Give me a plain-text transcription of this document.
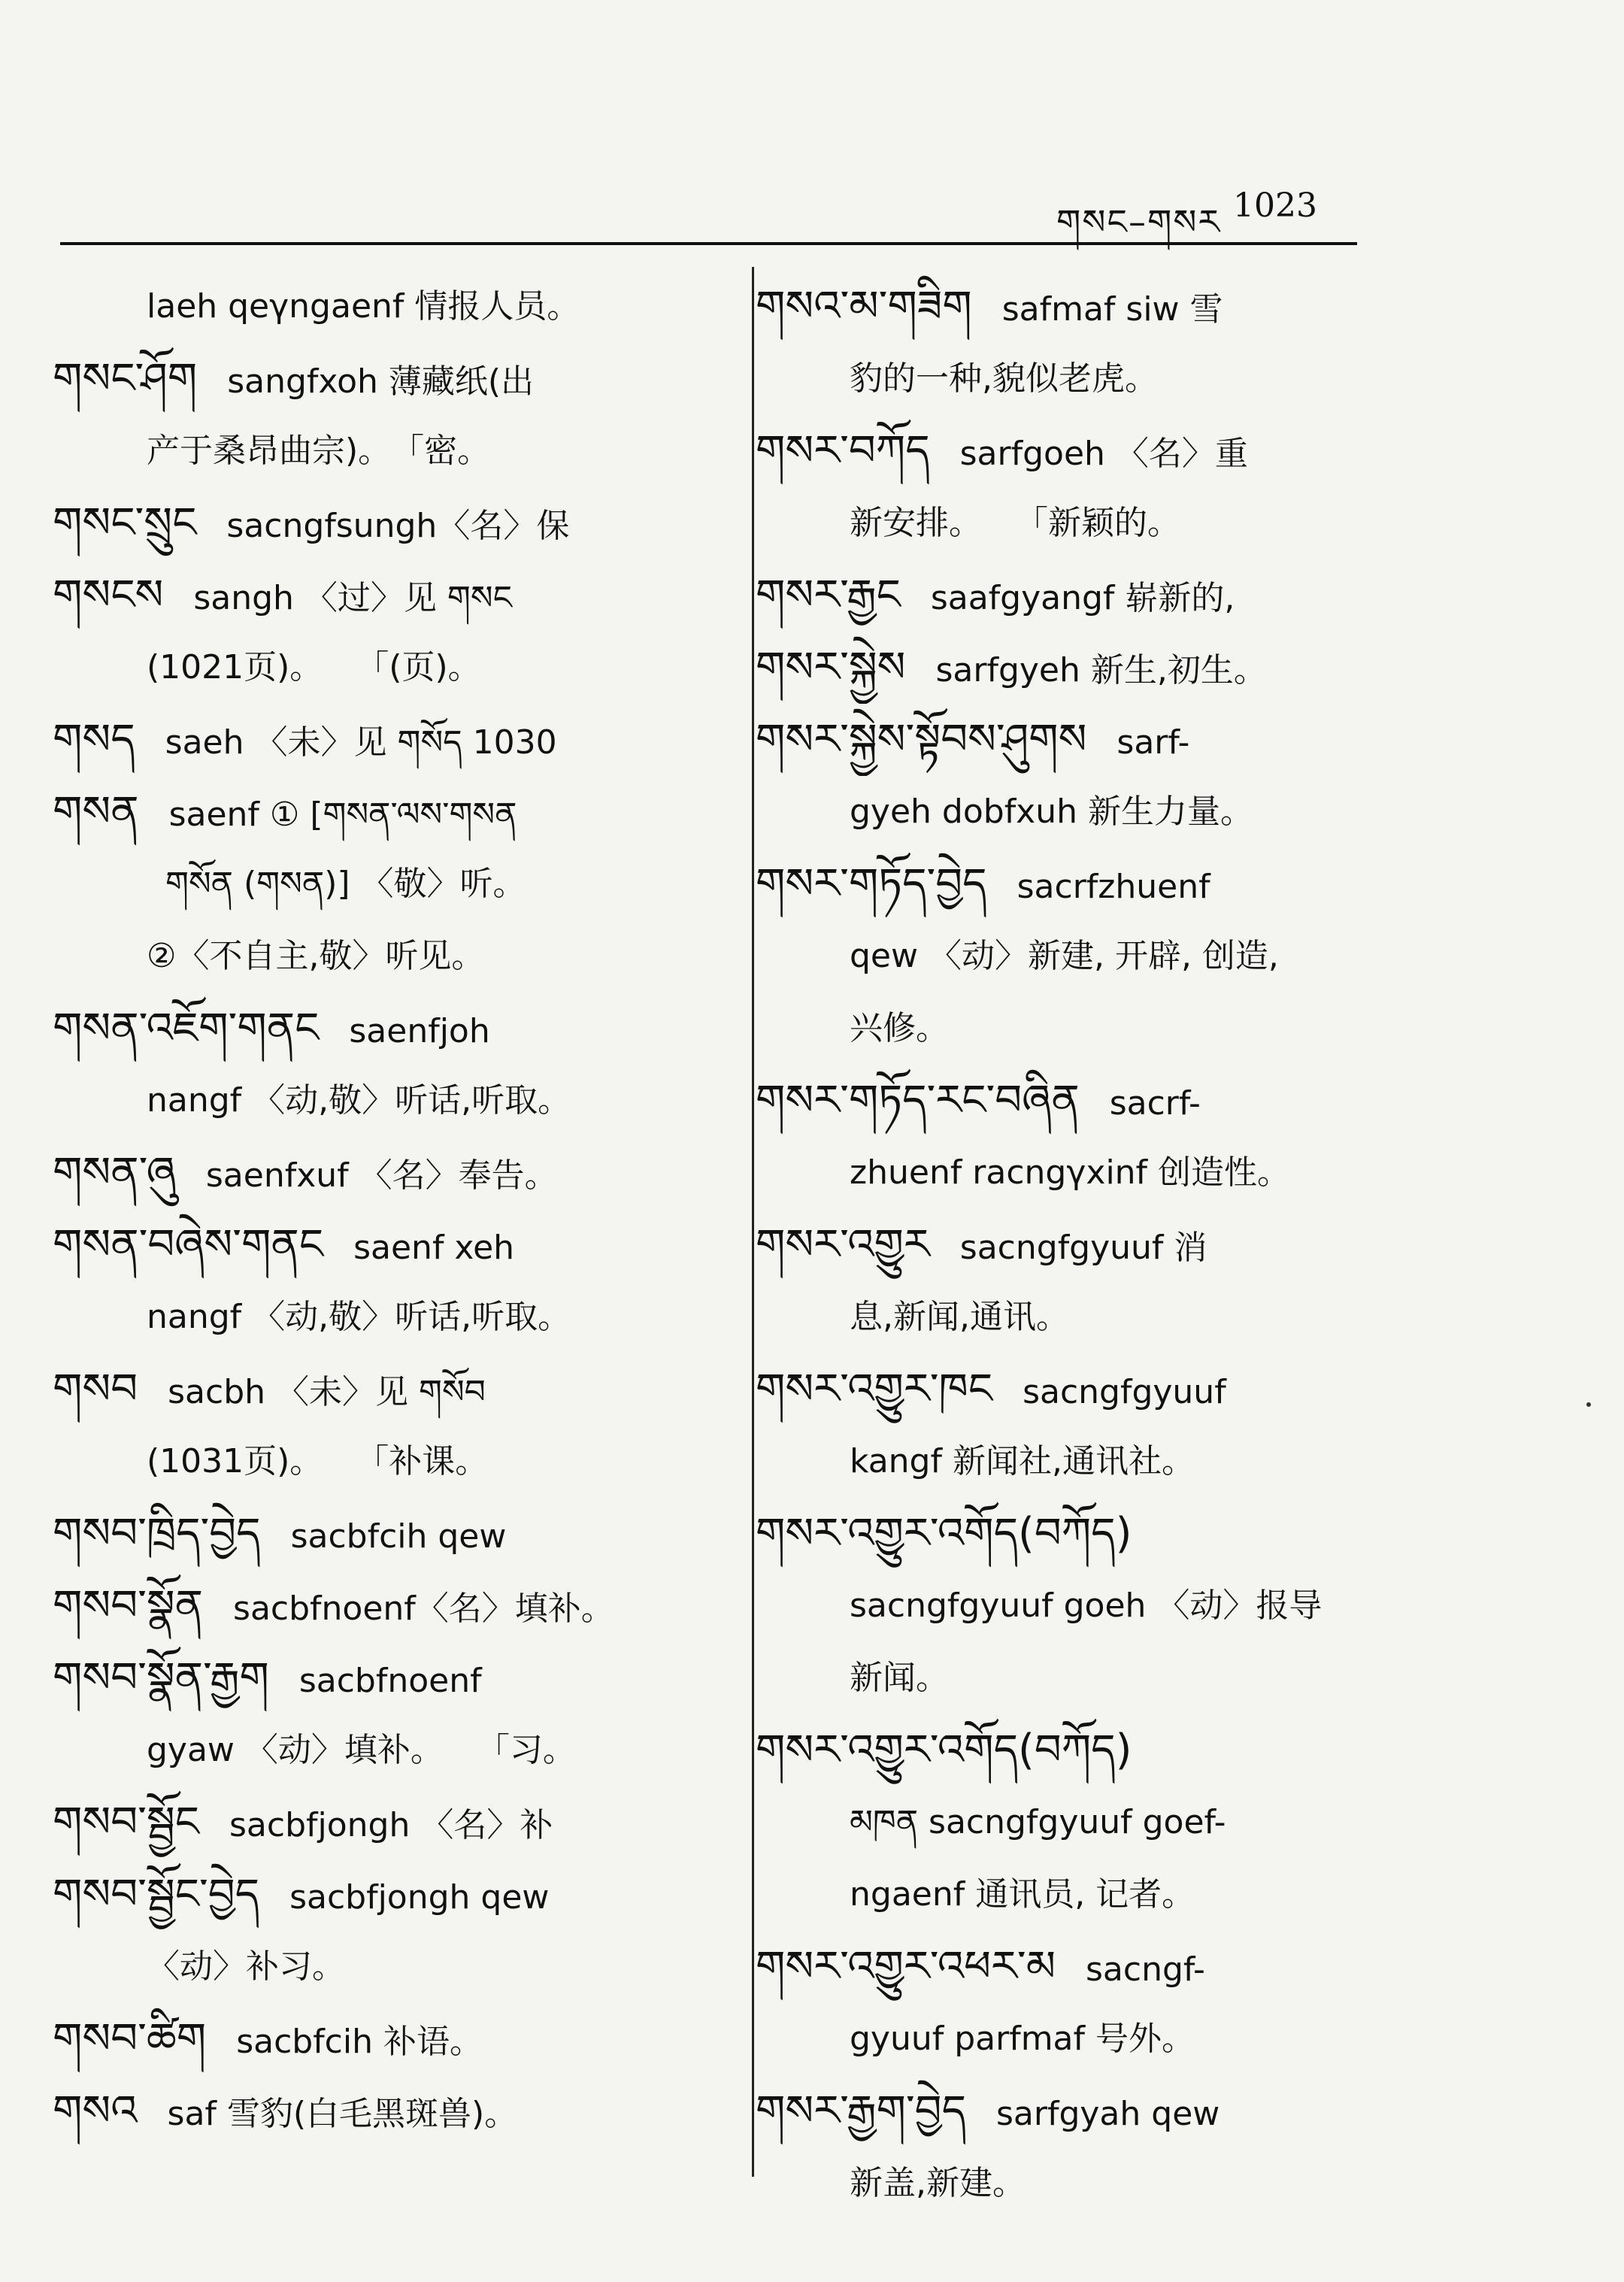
གསང–གསར 1023
laeh qeγngaenf 情报人员。
གསང་ཤོག sangfxoh 薄藏纸(出
产于桑昂曲宗)。　「密。
གསང་སྲུང sacngfsungh〈名〉保
གསངས sangh 〈过〉见 གསང
(1021页)。　　「(页)。
གསད saeh 〈未〉见 གསོད 1030
གསན saenf ① [གསན་ལས་གསན
གསོན (གསན)] 〈敬〉听。
②〈不自主,敬〉听见。
གསན་འཇོག་གནང saenfjoh
nangf 〈动,敬〉听话,听取。
གསན་ཞུ saenfxuf 〈名〉奉告。
གསན་བཞེས་གནང saenf xeh
nangf 〈动,敬〉听话,听取。
གསབ sacbh 〈未〉见 གསོབ
(1031页)。　　「补课。
གསབ་ཁྲིད་བྱེད sacbfcih qew
གསབ་སྣོན sacbfnoenf〈名〉填补。
གསབ་སྣོན་རྒྱག sacbfnoenf
gyaw 〈动〉填补。　　「习。
གསབ་སྦྱོང sacbfjongh 〈名〉补
གསབ་སྦྱོང་བྱེད sacbfjongh qew
〈动〉补习。
གསབ་ཚིག sacbfcih 补语。
གསའ saf 雪豹(白毛黑斑兽)。
གསའ་མ་གཟིག safmaf siw 雪
豹的一种,貌似老虎。
གསར་བཀོད sarfgoeh 〈名〉重
新安排。　　「新颖的。
གསར་རྒྱང saafgyangf 崭新的,
གསར་སྐྱེས sarfgyeh 新生,初生。
གསར་སྐྱེས་སྟོབས་ཤུགས sarf-
gyeh dobfxuh 新生力量。
གསར་གཏོད་བྱེད sacrfzhuenf
qew 〈动〉新建, 开辟, 创造,
兴修。
གསར་གཏོད་རང་བཞིན sacrf-
zhuenf racngγxinf 创造性。
གསར་འགྱུར sacngfgyuuf 消
息,新闻,通讯。
གསར་འགྱུར་ཁང sacngfgyuuf
kangf 新闻社,通讯社。
གསར་འགྱུར་འགོད(བཀོད)
sacngfgyuuf goeh 〈动〉报导
新闻。
གསར་འགྱུར་འགོད(བཀོད)
མཁན sacngfgyuuf goef-
ngaenf 通讯员, 记者。
གསར་འགྱུར་འཕར་མ sacngf-
gyuuf parfmaf 号外。
གསར་རྒྱག་བྱེད sarfgyah qew
新盖,新建。
